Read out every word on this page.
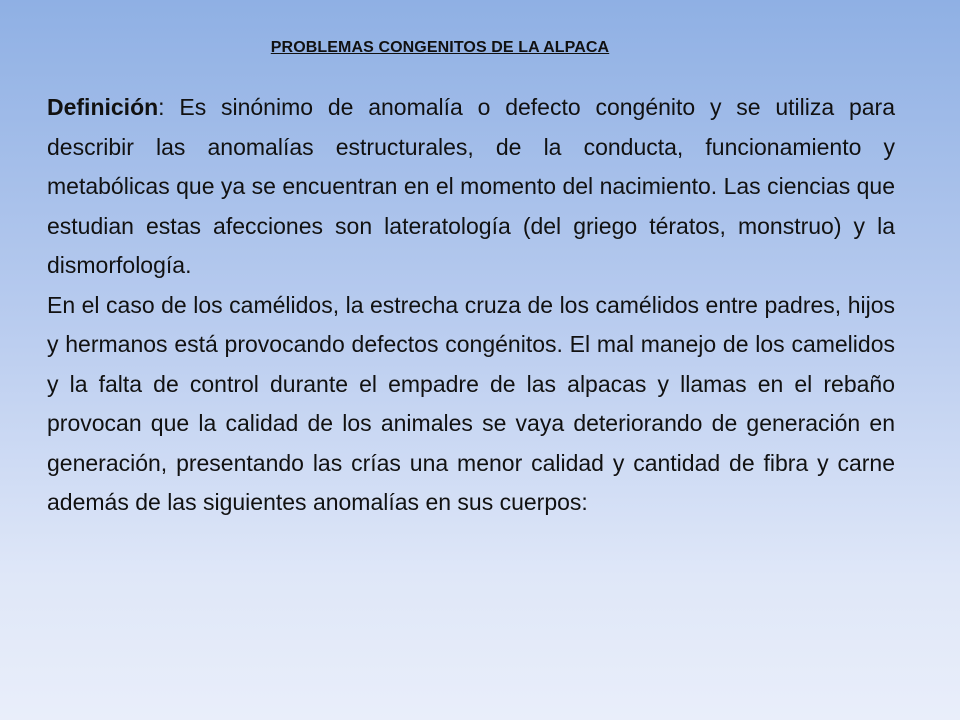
PROBLEMAS CONGENITOS DE LA ALPACA

Definición: Es sinónimo de anomalía o defecto congénito y se utiliza para describir las anomalías estructurales, de la conducta, funcionamiento y metabólicas que ya se encuentran en el momento del nacimiento. Las ciencias que estudian estas afecciones son lateratología (del griego tératos, monstruo) y la dismorfología.

En el caso de los camélidos, la estrecha cruza de los camélidos entre padres, hijos y hermanos está provocando defectos congénitos. El mal manejo de los camelidos y la falta de control durante el empadre de las alpacas y llamas en el rebaño provocan que la calidad de los animales se vaya deteriorando de generación en generación, presentando las crías una menor calidad y cantidad de fibra y carne además de las siguientes anomalías en sus cuerpos:
